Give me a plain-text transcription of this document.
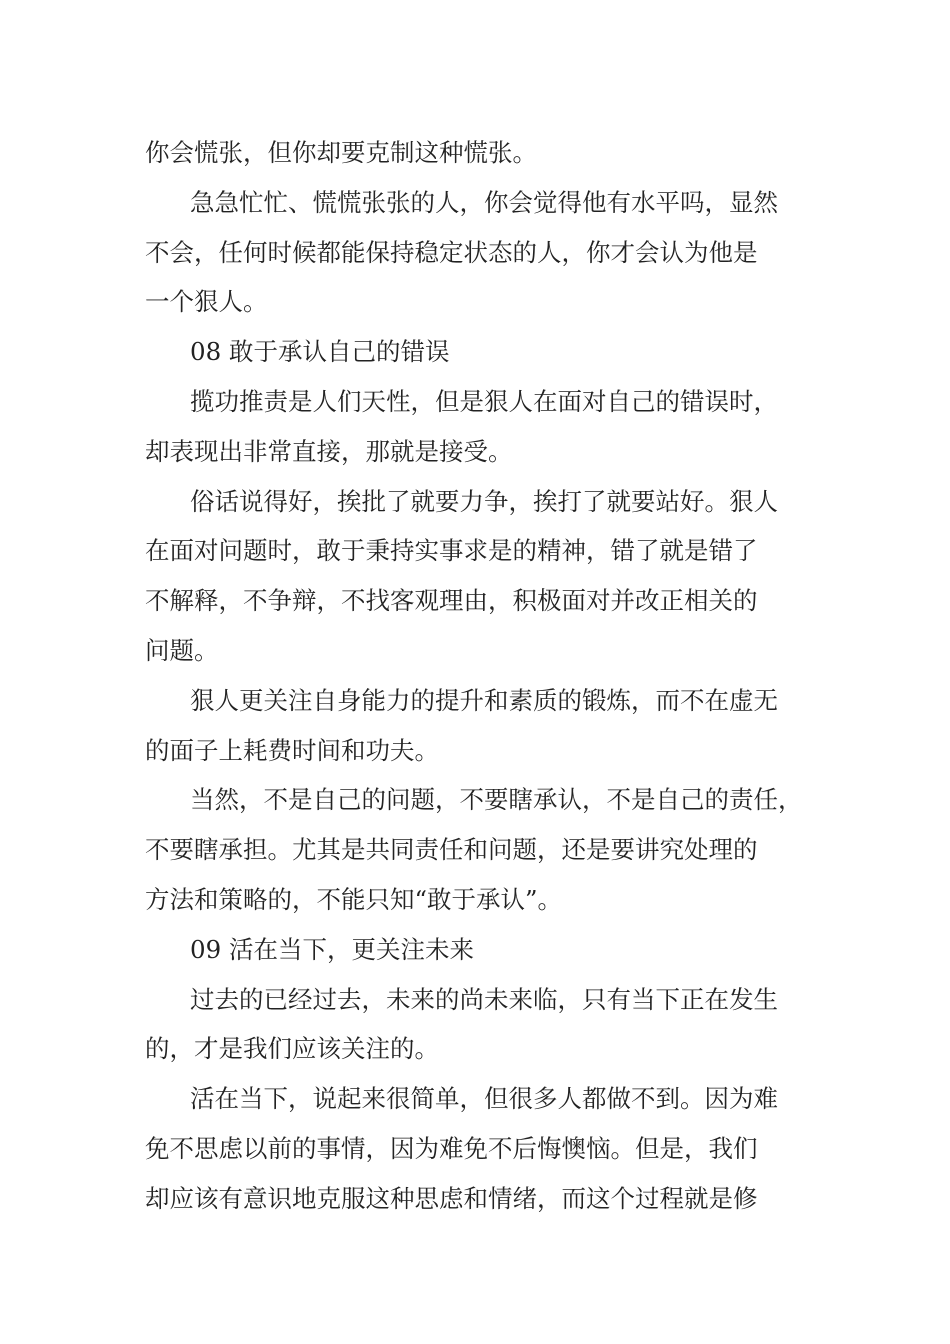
你会慌张，但你却要克制这种慌张。
急急忙忙、慌慌张张的人，你会觉得他有水平吗，显然
不会，任何时候都能保持稳定状态的人，你才会认为他是
一个狠人。
08 敢于承认自己的错误
揽功推责是人们天性，但是狠人在面对自己的错误时，
却表现出非常直接，那就是接受。
俗话说得好，挨批了就要力争，挨打了就要站好。狠人
在面对问题时，敢于秉持实事求是的精神，错了就是错了
不解释，不争辩，不找客观理由，积极面对并改正相关的
问题。
狠人更关注自身能力的提升和素质的锻炼，而不在虚无
的面子上耗费时间和功夫。
当然，不是自己的问题，不要瞎承认，不是自己的责任，
不要瞎承担。尤其是共同责任和问题，还是要讲究处理的
方法和策略的，不能只知“敢于承认”。
09 活在当下，更关注未来
过去的已经过去，未来的尚未来临，只有当下正在发生
的，才是我们应该关注的。
活在当下，说起来很简单，但很多人都做不到。因为难
免不思虑以前的事情，因为难免不后悔懊恼。但是，我们
却应该有意识地克服这种思虑和情绪，而这个过程就是修
